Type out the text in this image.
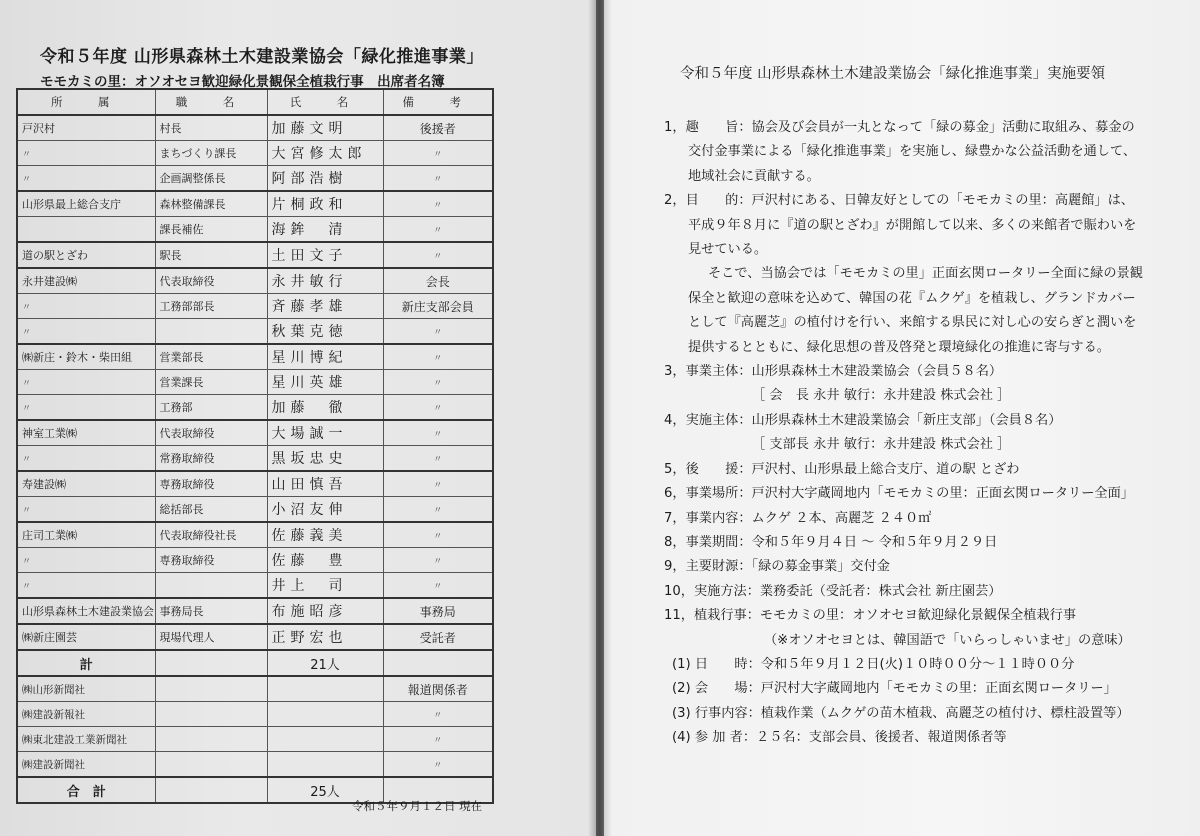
令和５年度 山形県森林土木建設業協会「緑化推進事業」
モモカミの里：オソオセヨ歓迎緑化景観保全植栽行事　出席者名簿
所　属	職　名	氏　名	備　考
戸沢村	村長	加藤文明	後援者
〃	まちづくり課長	大宮修太郎	〃
〃	企画調整係長	阿部浩樹	〃
山形県最上総合支庁	森林整備課長	片桐政和	〃
	課長補佐	海鉾　清	〃
道の駅とざわ	駅長	土田文子	〃
永井建設㈱	代表取締役	永井敏行	会長
〃	工務部部長	斉藤孝雄	新庄支部会員
〃		秋葉克徳	〃
㈱新庄・鈴木・柴田組	営業部長	星川博紀	〃
〃	営業課長	星川英雄	〃
〃	工務部	加藤　徹	〃
神室工業㈱	代表取締役	大場誠一	〃
〃	常務取締役	黒坂忠史	〃
寿建設㈱	専務取締役	山田慎吾	〃
〃	総括部長	小沼友伸	〃
庄司工業㈱	代表取締役社長	佐藤義美	〃
〃	専務取締役	佐藤　豊	〃
〃		井上　司	〃
山形県森林土木建設業協会	事務局長	布施昭彦	事務局
㈱新庄園芸	現場代理人	正野宏也	受託者
計		21人	
㈱山形新聞社			報道関係者
㈱建設新報社			〃
㈱東北建設工業新聞社			〃
㈱建設新聞社			〃
合　計		25人	
令和５年９月１２日 現在
令和５年度 山形県森林土木建設業協会「緑化推進事業」実施要領
1，趣　　旨：協会及び会員が一丸となって「緑の募金」活動に取組み、募金の
交付金事業による「緑化推進事業」を実施し、緑豊かな公益活動を通して、
地域社会に貢献する。
2，目　　的：戸沢村にある、日韓友好としての「モモカミの里：高麗館」は、
平成９年８月に『道の駅とざわ』が開館して以来、多くの来館者で賑わいを
見せている。
そこで、当協会では「モモカミの里」正面玄関ロータリー全面に緑の景観
保全と歓迎の意味を込めて、韓国の花『ムクゲ』を植栽し、グランドカバー
として『高麗芝』の植付けを行い、来館する県民に対し心の安らぎと潤いを
提供するとともに、緑化思想の普及啓発と環境緑化の推進に寄与する。
3，事業主体：山形県森林土木建設業協会（会員５８名）
［ 会　長 永井 敏行：永井建設 株式会社 ］
4，実施主体：山形県森林土木建設業協会「新庄支部」（会員８名）
［ 支部長 永井 敏行：永井建設 株式会社 ］
5，後　　援：戸沢村、山形県最上総合支庁、道の駅 とざわ
6，事業場所：戸沢村大字蔵岡地内「モモカミの里：正面玄関ロータリー全面」
7，事業内容：ムクゲ ２本、高麗芝 ２４０㎡
8，事業期間：令和５年９月４日 ～ 令和５年９月２９日
9，主要財源：「緑の募金事業」交付金
10，実施方法：業務委託（受託者：株式会社 新庄園芸）
11，植栽行事：モモカミの里：オソオセヨ歓迎緑化景観保全植栽行事
（※オソオセヨとは、韓国語で「いらっしゃいませ」の意味）
(1) 日　　時：令和５年９月１２日(火)１０時００分～１１時００分
(2) 会　　場：戸沢村大字蔵岡地内「モモカミの里：正面玄関ロータリー」
(3) 行事内容：植栽作業（ムクゲの苗木植栽、高麗芝の植付け、標柱設置等）
(4) 参 加 者：２５名：支部会員、後援者、報道関係者等
